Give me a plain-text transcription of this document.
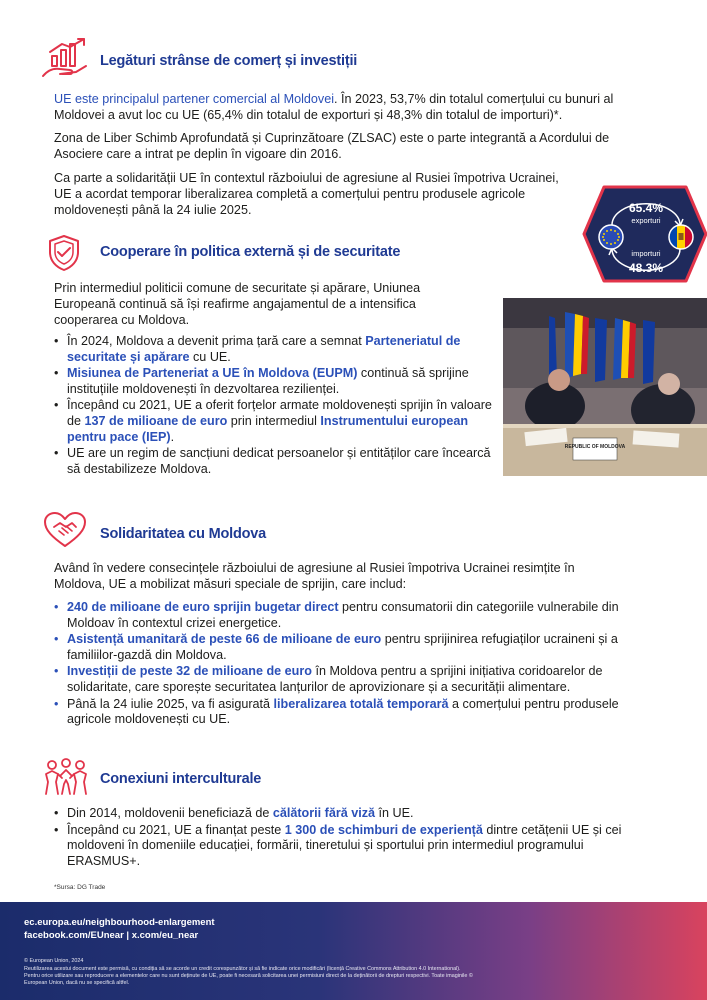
Legături strânse de comerț și investiții
UE este principalul partener comercial al Moldovei. În 2023, 53,7% din totalul comerțului cu bunuri al Moldovei a avut loc cu UE (65,4% din totalul de exporturi și 48,3% din totalul de importuri)*.
Zona de Liber Schimb Aprofundată și Cuprinzătoare (ZLSAC) este o parte integrantă a Acordului de Asociere care a intrat pe deplin în vigoare din 2016.
Ca parte a solidarității UE în contextul războiului de agresiune al Rusiei împotriva Ucrainei, UE a acordat temporar liberalizarea completă a comerțului pentru produsele agricole moldovenești până la 24 iulie 2025.	65.4%
exporturi
importuri
48.3%
Cooperare în politica externă și de securitate
Prin intermediul politicii comune de securitate și apărare, Uniunea Europeană continuă să își reafirme angajamentul de a intensifica cooperarea cu Moldova.
• În 2024, Moldova a devenit prima țară care a semnat Parteneriatul de securitate și apărare cu UE.
• Misiunea de Parteneriat a UE în Moldova (EUPM) continuă să sprijine instituțiile moldovenești în dezvoltarea rezilienței.
• Începând cu 2021, UE a oferit forțelor armate moldovenești sprijin în valoare de 137 de milioane de euro prin intermediul Instrumentului european pentru pace (IEP).
• UE are un regim de sancțiuni dedicat persoanelor și entităților care încearcă să destabilizeze Moldova.
REPUBLIC OF MOLDOVA
Solidaritatea cu Moldova
Având în vedere consecințele războiului de agresiune al Rusiei împotriva Ucrainei resimțite în Moldova, UE a mobilizat măsuri speciale de sprijin, care includ:
• 240 de milioane de euro sprijin bugetar direct pentru consumatorii din categoriile vulnerabile din Moldoav în contextul crizei energetice.
• Asistență umanitară de peste 66 de milioane de euro pentru sprijinirea refugiaților ucraineni și a familiilor-gazdă din Moldova.
• Investiții de peste 32 de milioane de euro în Moldova pentru a sprijini inițiativa coridoarelor de solidaritate, care sporește securitatea lanțurilor de aprovizionare și a securității alimentare.
• Până la 24 iulie 2025, va fi asigurată liberalizarea totală temporară a comerțului pentru produsele agricole moldovenești cu UE.
Conexiuni interculturale
• Din 2014, moldovenii beneficiază de călătorii fără viză în UE.
• Începând cu 2021, UE a finanțat peste 1 300 de schimburi de experiență dintre cetățenii UE și cei moldoveni în domeniile educației, formării, tineretului și sportului prin intermediul programului ERASMUS+.
*Sursa: DG Trade
ec.europa.eu/neighbourhood-enlargement
facebook.com/EUnear | x.com/eu_near
© European Union, 2024
Reutilizarea acestui document este permisă, cu condiția să se acorde un credit corespunzător și să fie indicate orice modificări (licență Creative Commons Attribution 4.0 International).
Pentru orice utilizare sau reproducere a elementelor care nu sunt deținute de UE, poate fi necesară solicitarea unei permisiuni direct de la deținătorii de drepturi respectivi. Toate imaginile ©
European Union, dacă nu se specifică altfel.
